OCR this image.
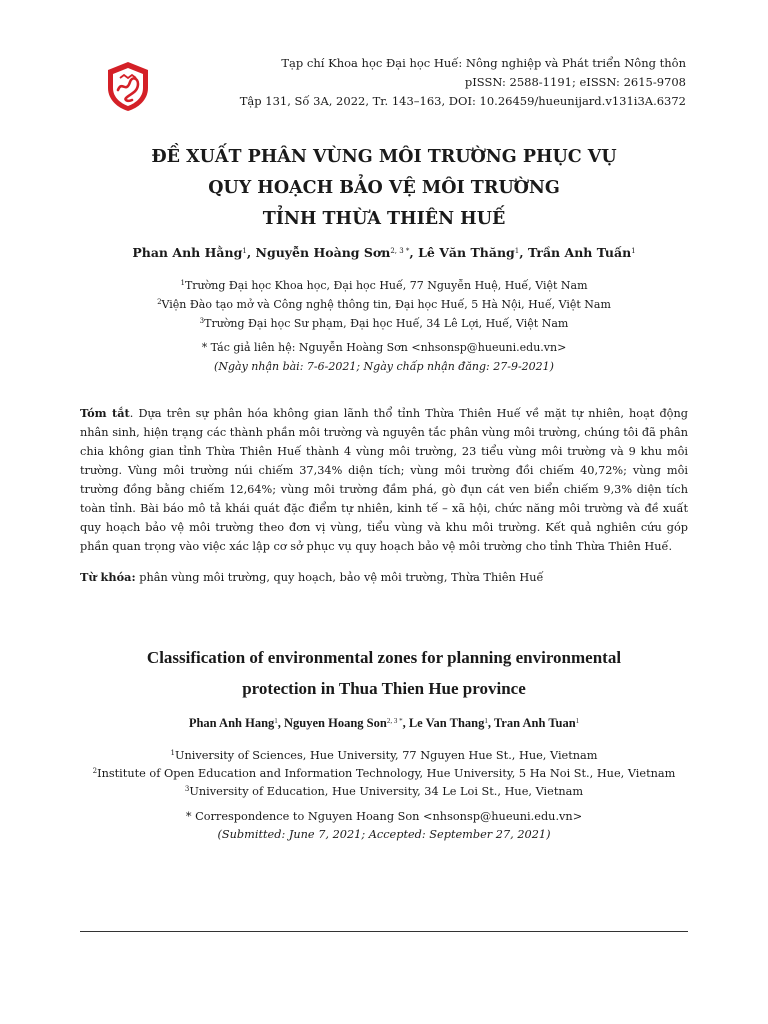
Tạp chí Khoa học Đại học Huế: Nông nghiệp và Phát triển Nông thôn
pISSN: 2588-1191; eISSN: 2615-9708
Tập 131, Số 3A, 2022, Tr. 143–163, DOI: 10.26459/hueunijard.v131i3A.6372
ĐỀ XUẤT PHÂN VÙNG MÔI TRƯỜNG PHỤC VỤ
QUY HOẠCH BẢO VỆ MÔI TRƯỜNG
TỈNH THỪA THIÊN HUẾ
Phan Anh Hằng$^1$, Nguyễn Hoàng Sơn$^{2, 3 *}$, Lê Văn Thăng$^1$, Trần Anh Tuấn$^1$
$^1$Trường Đại học Khoa học, Đại học Huế, 77 Nguyễn Huệ, Huế, Việt Nam
$^2$Viện Đào tạo mở và Công nghệ thông tin, Đại học Huế, 5 Hà Nội, Huế, Việt Nam
$^3$Trường Đại học Sư phạm, Đại học Huế, 34 Lê Lợi, Huế, Việt Nam
* Tác giả liên hệ: Nguyễn Hoàng Sơn <nhsonsp@hueuni.edu.vn>
(Ngày nhận bài: 7-6-2021; Ngày chấp nhận đăng: 27-9-2021)
Tóm tắt. Dựa trên sự phân hóa không gian lãnh thổ tỉnh Thừa Thiên Huế về mặt tự nhiên, hoạt động nhân sinh, hiện trạng các thành phần môi trường và nguyên tắc phân vùng môi trường, chúng tôi đã phân chia không gian tỉnh Thừa Thiên Huế thành 4 vùng môi trường, 23 tiểu vùng môi trường và 9 khu môi trường. Vùng môi trường núi chiếm 37,34% diện tích; vùng môi trường đồi chiếm 40,72%; vùng môi trường đồng bằng chiếm 12,64%; vùng môi trường đầm phá, gò đụn cát ven biển chiếm 9,3% diện tích toàn tỉnh. Bài báo mô tả khái quát đặc điểm tự nhiên, kinh tế – xã hội, chức năng môi trường và đề xuất quy hoạch bảo vệ môi trường theo đơn vị vùng, tiểu vùng và khu môi trường. Kết quả nghiên cứu góp phần quan trọng vào việc xác lập cơ sở phục vụ quy hoạch bảo vệ môi trường cho tỉnh Thừa Thiên Huế.
Từ khóa: phân vùng môi trường, quy hoạch, bảo vệ môi trường, Thừa Thiên Huế
Classification of environmental zones for planning environmental
protection in Thua Thien Hue province
Phan Anh Hang$^1$, Nguyen Hoang Son$^{2, 3 *}$, Le Van Thang$^1$, Tran Anh Tuan$^1$
$^1$University of Sciences, Hue University, 77 Nguyen Hue St., Hue, Vietnam
$^2$Institute of Open Education and Information Technology, Hue University, 5 Ha Noi St., Hue, Vietnam
$^3$University of Education, Hue University, 34 Le Loi St., Hue, Vietnam
* Correspondence to Nguyen Hoang Son <nhsonsp@hueuni.edu.vn>
(Submitted: June 7, 2021; Accepted: September 27, 2021)
